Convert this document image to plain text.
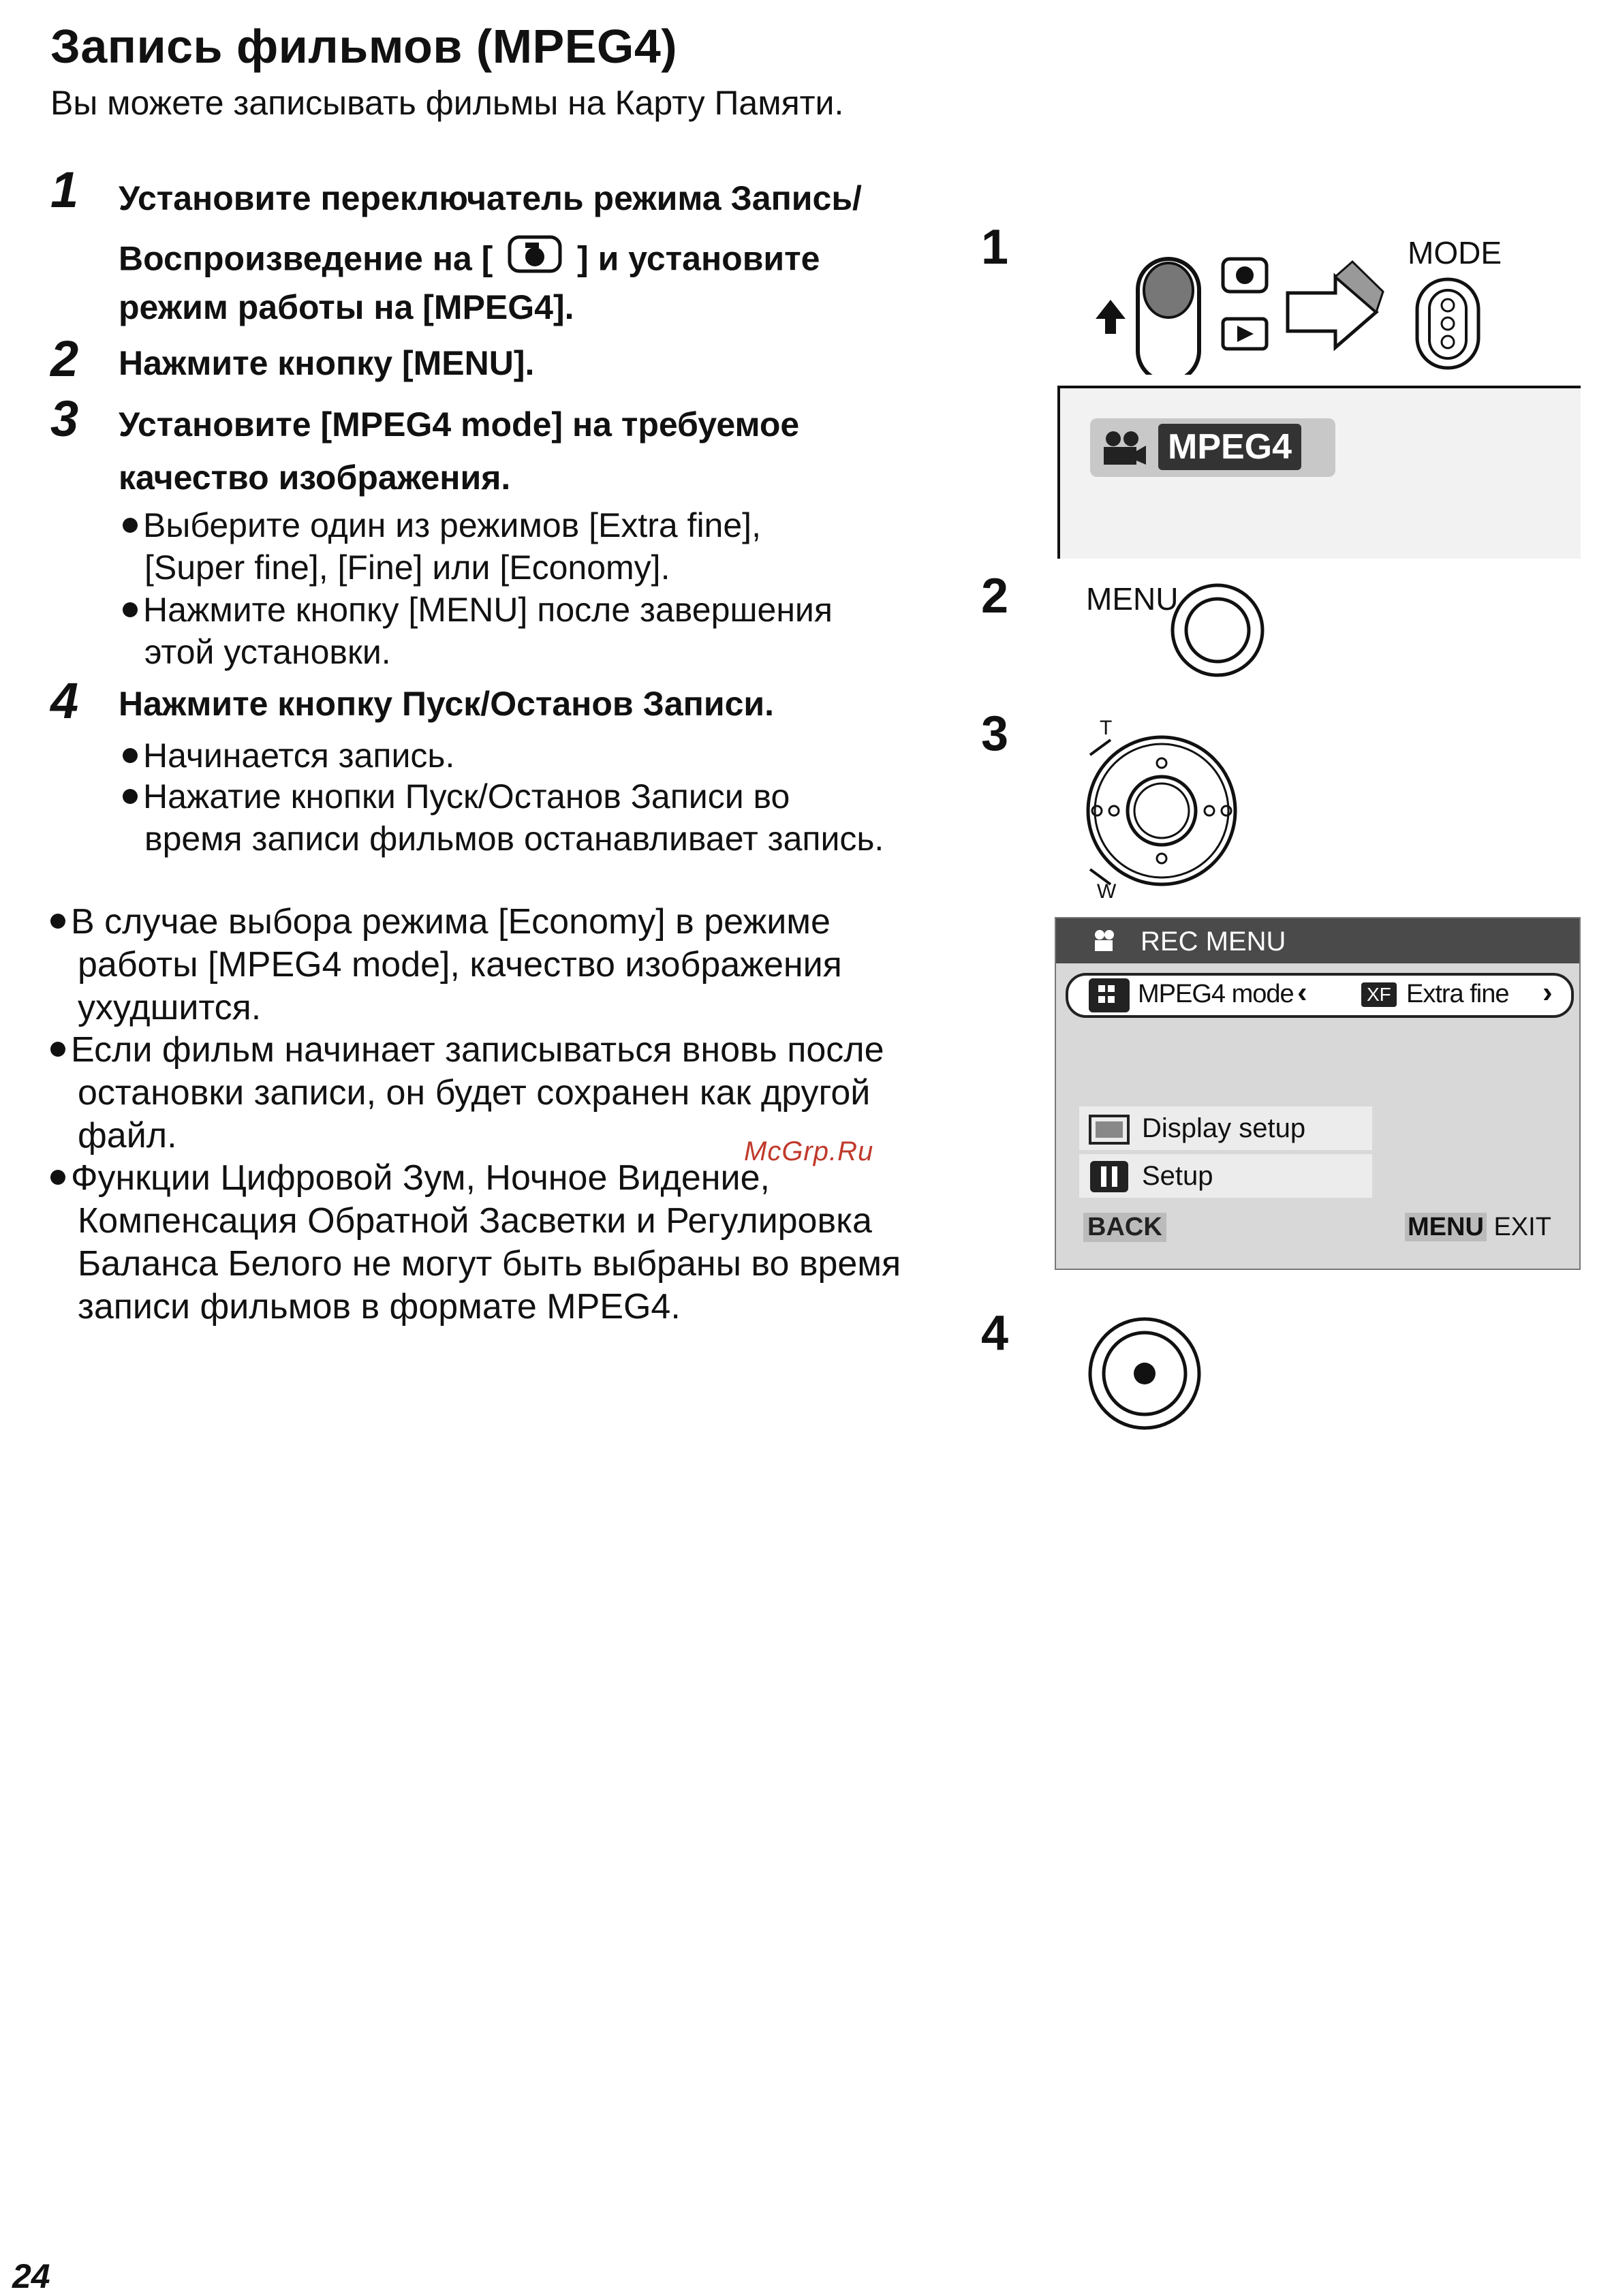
Запись фильмов (MPEG4)
Вы можете записывать фильмы на Карту Памяти.
1 Установите переключатель режима Запись/
Воспроизведение на [ ] и установите
режим работы на [MPEG4].
2 Нажмите кнопку [MENU].
3 Установите [MPEG4 mode] на требуемое
качество изображения.
Выберите один из режимов [Extra fine],
[Super fine], [Fine] или [Economy].
Нажмите кнопку [MENU] после завершения
этой установки.
4 Нажмите кнопку Пуск/Останов Записи.
Начинается запись.
Нажатие кнопки Пуск/Останов Записи во
время записи фильмов останавливает запись.
В случае выбора режима [Economy] в режиме
работы [MPEG4 mode], качество изображения
ухудшится.
Если фильм начинает записываться вновь после
остановки записи, он будет сохранен как другой
файл.
Функции Цифровой Зум, Ночное Видение,
Компенсация Обратной Засветки и Регулировка
Баланса Белого не могут быть выбраны во время
записи фильмов в формате MPEG4.
McGrp.Ru
1	MODE
MPEG4
2 MENU
3	T
W
REC MENU
MPEG4 mode ‹	XF Extra fine ›
Display setup
Setup
BACK	MENU EXIT
4
24
